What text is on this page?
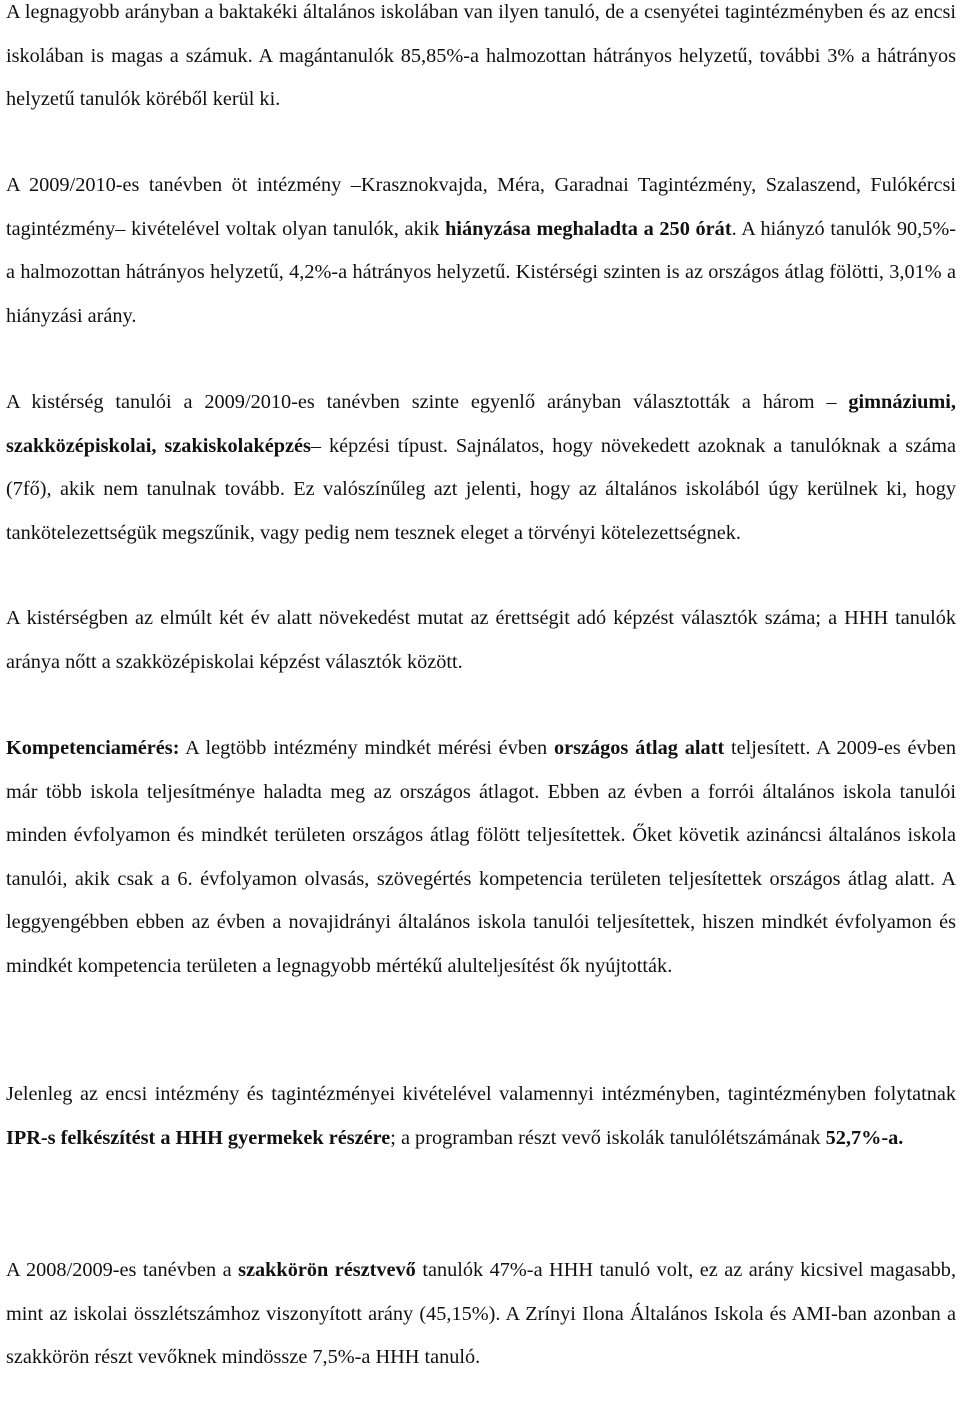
A legnagyobb arányban a baktakéki általános iskolában van ilyen tanuló, de a csenyétei tagintézményben és az encsi iskolában is magas a számuk. A magántanulók 85,85%-a halmozottan hátrányos helyzetű, további 3% a hátrányos helyzetű tanulók köréből kerül ki.

A 2009/2010-es tanévben öt intézmény –Krasznokvajda, Méra, Garadnai Tagintézmény, Szalaszend, Fulókércsi tagintézmény– kivételével voltak olyan tanulók, akik hiányzása meghaladta a 250 órát. A hiányzó tanulók 90,5%-a halmozottan hátrányos helyzetű, 4,2%-a hátrányos helyzetű. Kistérségi szinten is az országos átlag fölötti, 3,01% a hiányzási arány.

A kistérség tanulói a 2009/2010-es tanévben szinte egyenlő arányban választották a három – gimnáziumi, szakközépiskolai, szakiskolaképzés– képzési típust. Sajnálatos, hogy növekedett azoknak a tanulóknak a száma (7fő), akik nem tanulnak tovább. Ez valószínűleg azt jelenti, hogy az általános iskolából úgy kerülnek ki, hogy tankötelezettségük megszűnik, vagy pedig nem tesznek eleget a törvényi kötelezettségnek.

A kistérségben az elmúlt két év alatt növekedést mutat az érettségit adó képzést választók száma; a HHH tanulók aránya nőtt a szakközépiskolai képzést választók között.

Kompetenciamérés: A legtöbb intézmény mindkét mérési évben országos átlag alatt teljesített. A 2009-es évben már több iskola teljesítménye haladta meg az országos átlagot. Ebben az évben a forrói általános iskola tanulói minden évfolyamon és mindkét területen országos átlag fölött teljesítettek. Őket követik azináncsi általános iskola tanulói, akik csak a 6. évfolyamon olvasás, szövegértés kompetencia területen teljesítettek országos átlag alatt. A leggyengébben ebben az évben a novajidrányi általános iskola tanulói teljesítettek, hiszen mindkét évfolyamon és mindkét kompetencia területen a legnagyobb mértékű alulteljesítést ők nyújtották.

Jelenleg az encsi intézmény és tagintézményei kivételével valamennyi intézményben, tagintézményben folytatnak IPR-s felkészítést a HHH gyermekek részére; a programban részt vevő iskolák tanulólétszámának 52,7%-a.

A 2008/2009-es tanévben a szakkörön résztvevő tanulók 47%-a HHH tanuló volt, ez az arány kicsivel magasabb, mint az iskolai összlétszámhoz viszonyított arány (45,15%). A Zrínyi Ilona Általános Iskola és AMI-ban azonban a szakkörön részt vevőknek mindössze 7,5%-a HHH tanuló.
